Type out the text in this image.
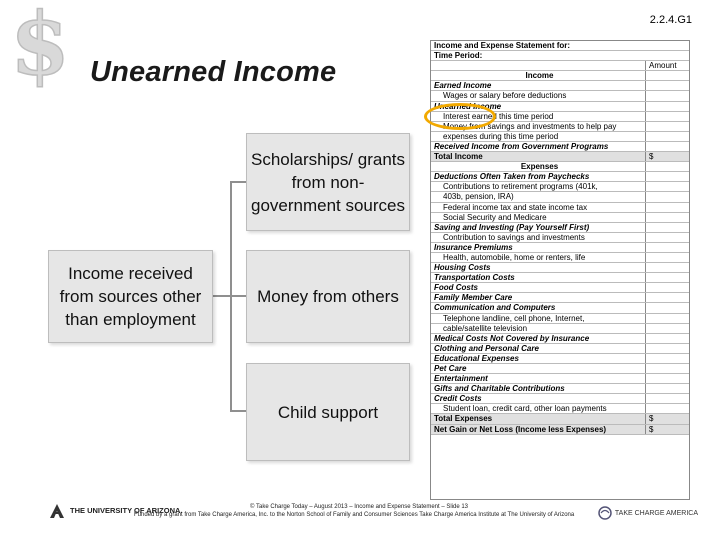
2.2.4.G1
$ Unearned Income
Income received from sources other than employment
Scholarships/ grants from non-government sources
Money from others
Child support
Income and Expense Statement for:
Time Period:
Amount
Income
Earned Income
Wages or salary before deductions
Unearned Income
Interest earned this time period
Money from savings and investments to help pay
expenses during this time period
Received Income from Government Programs
Total Income	$
Expenses
Deductions Often Taken from Paychecks
Contributions to retirement programs (401k,
403b, pension, IRA)
Federal income tax and state income tax
Social Security and Medicare
Saving and Investing (Pay Yourself First)
Contribution to savings and investments
Insurance Premiums
Health, automobile, home or renters, life
Housing Costs
Transportation Costs
Food Costs
Family Member Care
Communication and Computers
Telephone landline, cell phone, Internet,
cable/satellite television
Medical Costs Not Covered by Insurance
Clothing and Personal Care
Educational Expenses
Pet Care
Entertainment
Gifts and Charitable Contributions
Credit Costs
Student loan, credit card, other loan payments
Total Expenses	$
Net Gain or Net Loss (Income less Expenses)	$
THE UNIVERSITY OF ARIZONA.	© Take Charge Today – August 2013 – Income and Expense Statement – Slide 13
Funded by a grant from Take Charge America, Inc. to the Norton School of Family and Consumer Sciences Take Charge America Institute at The University of Arizona	TAKE CHARGE AMERICA
